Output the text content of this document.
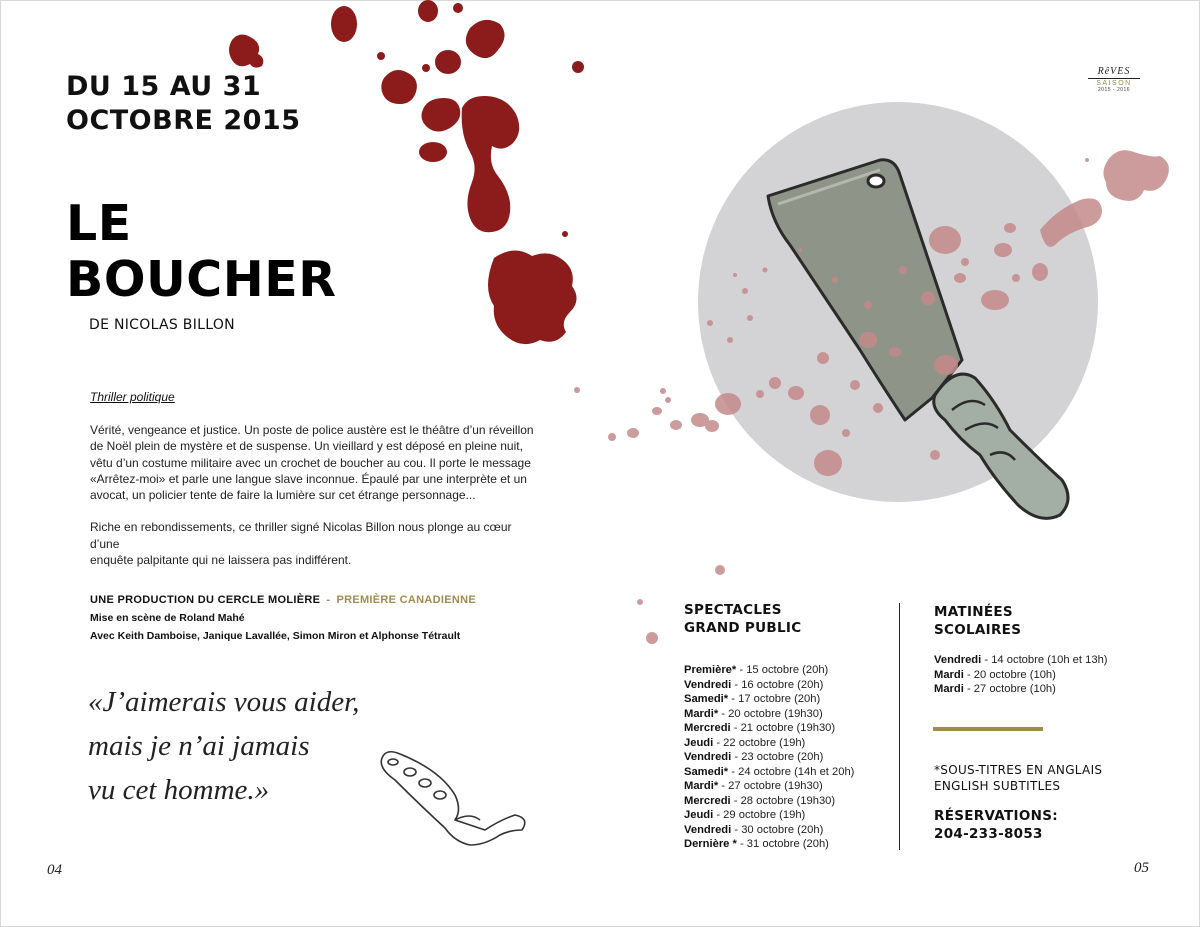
RêVES
SAISON
2015 - 2016
DU 15 AU 31
OCTOBRE 2015
LE
BOUCHER
DE NICOLAS BILLON
Thriller politique

Vérité, vengeance et justice. Un poste de police austère est le théâtre d’un réveillon
de Noël plein de mystère et de suspense. Un vieillard y est déposé en pleine nuit,
vêtu d’un costume militaire avec un crochet de boucher au cou. Il porte le message
«Arrêtez-moi» et parle une langue slave inconnue. Épaulé par une interprète et un
avocat, un policier tente de faire la lumière sur cet étrange personnage...

Riche en rebondissements, ce thriller signé Nicolas Billon nous plonge au cœur d’une
enquête palpitante qui ne laissera pas indifférent.

UNE PRODUCTION DU CERCLE MOLIÈRE - PREMIÈRE CANADIENNE
Mise en scène de Roland Mahé
Avec Keith Damboise, Janique Lavallée, Simon Miron et Alphonse Tétrault
«J’aimerais vous aider,
mais je n’ai jamais
vu cet homme.»
SPECTACLES
GRAND PUBLIC
Première* - 15 octobre (20h)
Vendredi - 16 octobre (20h)
Samedi* - 17 octobre (20h)
Mardi* - 20 octobre (19h30)
Mercredi - 21 octobre (19h30)
Jeudi - 22 octobre (19h)
Vendredi - 23 octobre (20h)
Samedi* - 24 octobre (14h et 20h)
Mardi* - 27 octobre (19h30)
Mercredi - 28 octobre (19h30)
Jeudi - 29 octobre (19h)
Vendredi - 30 octobre (20h)
Dernière * - 31 octobre (20h)
MATINÉES
SCOLAIRES
Vendredi - 14 octobre (10h et 13h)
Mardi - 20 octobre (10h)
Mardi - 27 octobre (10h)
*SOUS-TITRES EN ANGLAIS
ENGLISH SUBTITLES
RÉSERVATIONS:
204-233-8053
04	05
